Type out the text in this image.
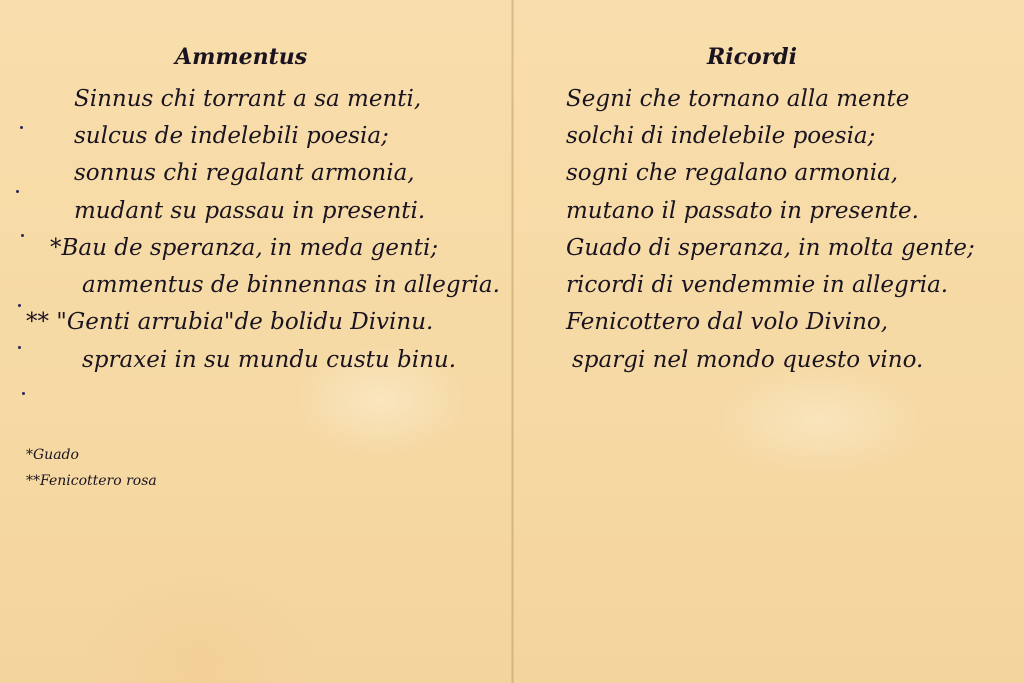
Ammentus

Sinnus chi torrant a sa menti,

sulcus de indelebili poesia;

sonnus chi regalant armonia,

mudant su passau in presenti.

*Bau de speranza, in meda genti;

ammentus de binnennas in allegria.

** "Genti arrubia"de bolidu Divinu.

spraxei in su mundu custu binu.

*Guado

**Fenicottero rosa

Ricordi

Segni che tornano alla mente

solchi di indelebile poesia;

sogni che regalano armonia,

mutano il passato in presente.

Guado di speranza, in molta gente;

ricordi di vendemmie in allegria.

Fenicottero dal volo Divino,

spargi nel mondo questo vino.
